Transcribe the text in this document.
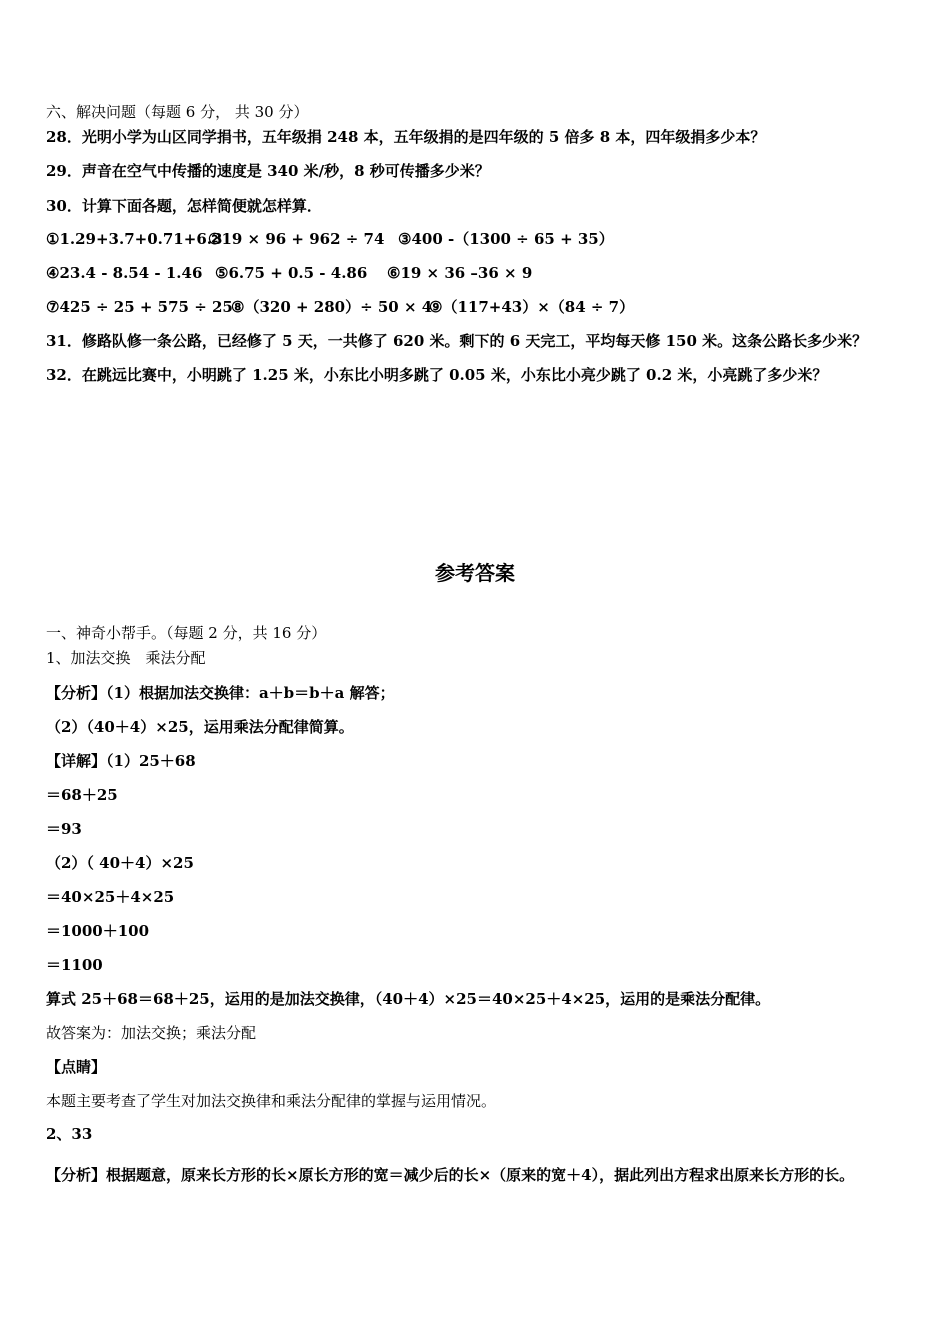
六、解决问题（每题 6 分， 共 30 分）
28．光明小学为山区同学捐书，五年级捐 248 本，五年级捐的是四年级的 5 倍多 8 本，四年级捐多少本？
29．声音在空气中传播的速度是 340 米/秒，8 秒可传播多少米？
30．计算下面各题，怎样简便就怎样算．
①1.29+3.7+0.71+6.3②19 × 96 + 962 ÷ 74 ③400 -（1300 ÷ 65 + 35）
④23.4 - 8.54 - 1.46 ⑤6.75 + 0.5 - 4.86 ⑥19 × 36 –36 × 9
⑦425 ÷ 25 + 575 ÷ 25⑧（320 + 280）÷ 50 × 4⑨（117+43）×（84 ÷ 7）
31．修路队修一条公路，已经修了 5 天，一共修了 620 米。剩下的 6 天完工，平均每天修 150 米。这条公路长多少米？
32．在跳远比赛中，小明跳了 1.25 米，小东比小明多跳了 0.05 米，小东比小亮少跳了 0.2 米，小亮跳了多少米？
参考答案
一、神奇小帮手。（每题 2 分，共 16 分）
1、加法交换　乘法分配
【分析】（1）根据加法交换律：a＋b＝b＋a 解答；
（2）（40＋4）×25，运用乘法分配律简算。
【详解】（1）25＋68
＝68＋25
＝93
（2）（ 40＋4）×25
＝40×25＋4×25
＝1000＋100
＝1100
算式 25＋68＝68＋25，运用的是加法交换律，（40＋4）×25＝40×25＋4×25，运用的是乘法分配律。
故答案为：加法交换；乘法分配
【点睛】
本题主要考查了学生对加法交换律和乘法分配律的掌握与运用情况。
2、33
【分析】根据题意，原来长方形的长×原长方形的宽＝减少后的长×（原来的宽＋4），据此列出方程求出原来长方形的长。
